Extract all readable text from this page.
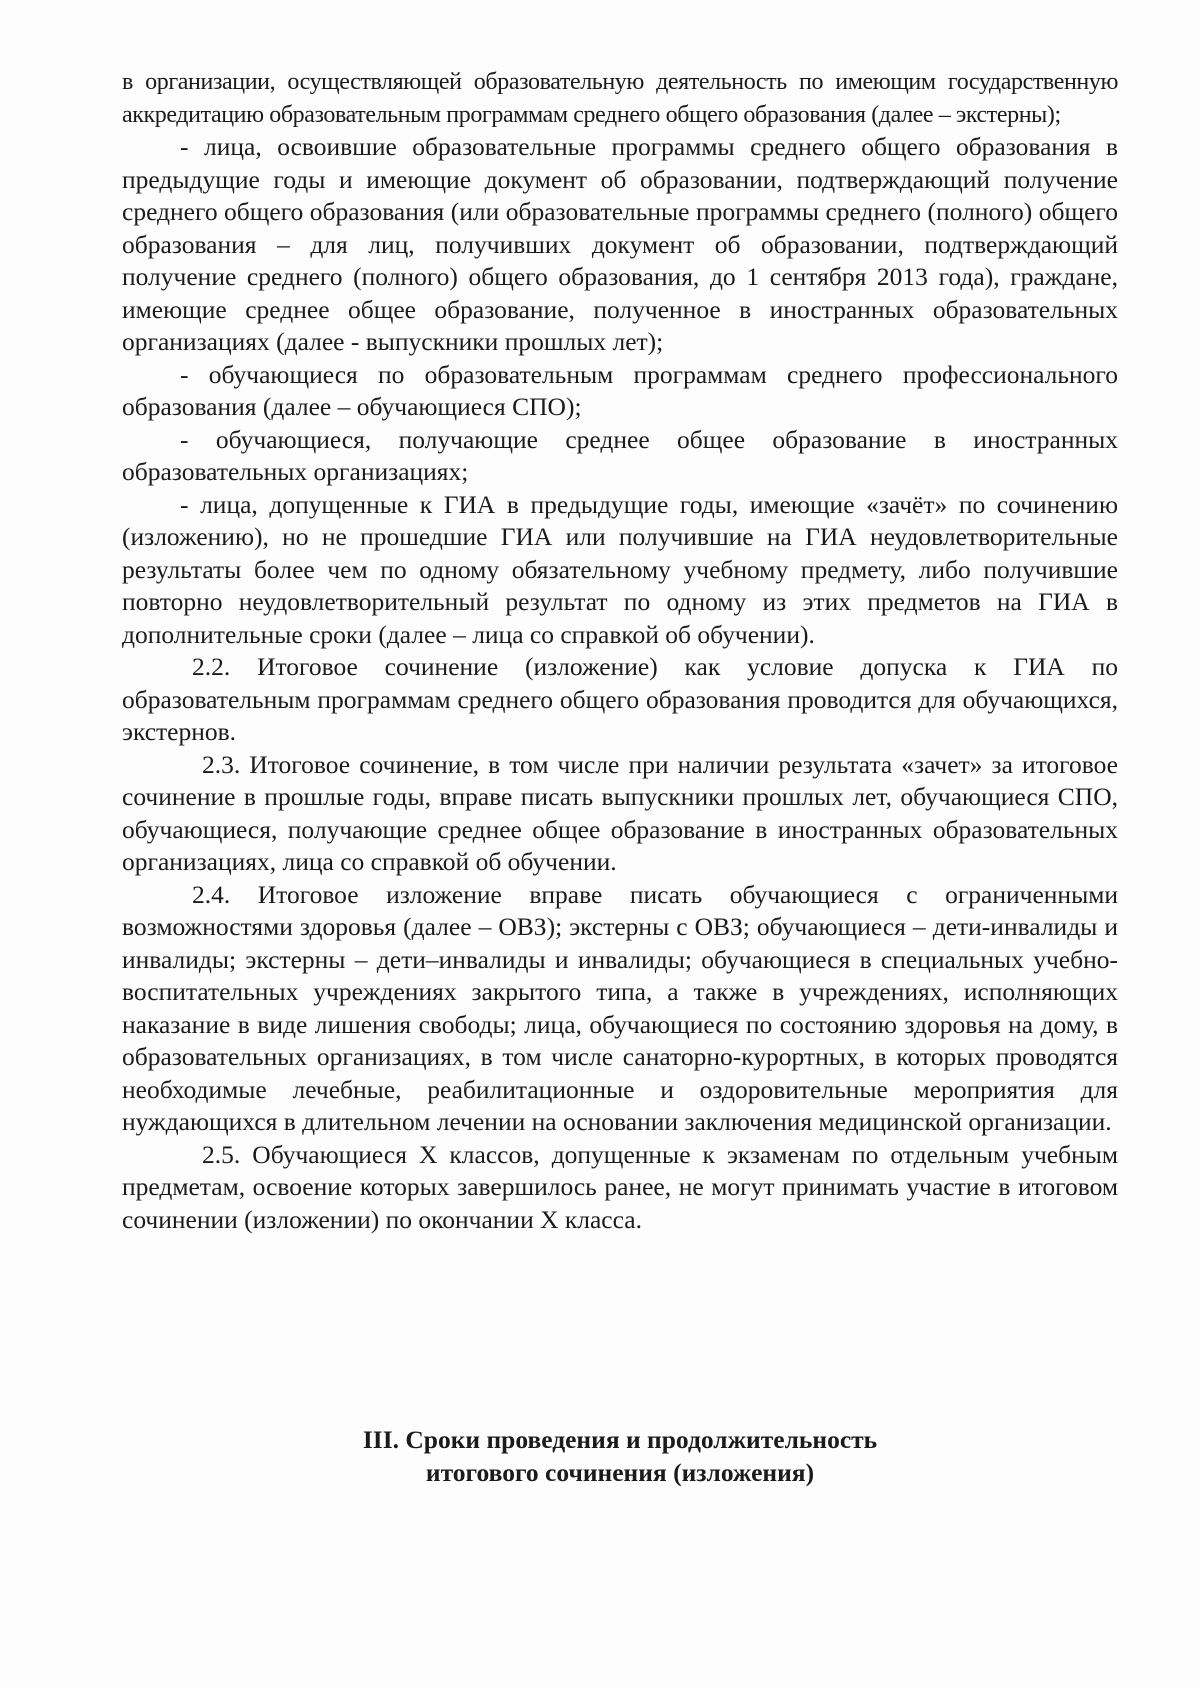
в организации, осуществляющей образовательную деятельность по имеющим государственную аккредитацию образовательным программам среднего общего образования (далее – экстерны);

- лица, освоившие образовательные программы среднего общего образования в предыдущие годы и имеющие документ об образовании, подтверждающий получение среднего общего образования (или образовательные программы среднего (полного) общего образования – для лиц, получивших документ об образовании, подтверждающий получение среднего (полного) общего образования, до 1 сентября 2013 года), граждане, имеющие среднее общее образование, полученное в иностранных образовательных организациях (далее - выпускники прошлых лет);

- обучающиеся по образовательным программам среднего профессионального образования (далее – обучающиеся СПО);

- обучающиеся, получающие среднее общее образование в иностранных образовательных организациях;

- лица, допущенные к ГИА в предыдущие годы, имеющие «зачёт» по сочинению (изложению), но не прошедшие ГИА или получившие на ГИА неудовлетворительные результаты более чем по одному обязательному учебному предмету, либо получившие повторно неудовлетворительный результат по одному из этих предметов на ГИА в дополнительные сроки (далее – лица со справкой об обучении).

2.2. Итоговое сочинение (изложение) как условие допуска к ГИА по образовательным программам среднего общего образования проводится для обучающихся, экстернов.

2.3. Итоговое сочинение, в том числе при наличии результата «зачет» за итоговое сочинение в прошлые годы, вправе писать выпускники прошлых лет, обучающиеся СПО, обучающиеся, получающие среднее общее образование в иностранных образовательных организациях, лица со справкой об обучении.

2.4. Итоговое изложение вправе писать обучающиеся с ограниченными возможностями здоровья (далее – ОВЗ); экстерны с ОВЗ; обучающиеся – дети-инвалиды и инвалиды; экстерны – дети–инвалиды и инвалиды; обучающиеся в специальных учебно-воспитательных учреждениях закрытого типа, а также в учреждениях, исполняющих наказание в виде лишения свободы; лица, обучающиеся по состоянию здоровья на дому, в образовательных организациях, в том числе санаторно-курортных, в которых проводятся необходимые лечебные, реабилитационные и оздоровительные мероприятия для нуждающихся в длительном лечении на основании заключения медицинской организации.

2.5. Обучающиеся X классов, допущенные к экзаменам по отдельным учебным предметам, освоение которых завершилось ранее, не могут принимать участие в итоговом сочинении (изложении) по окончании X класса.

III. Сроки проведения и продолжительность
итогового сочинения (изложения)
